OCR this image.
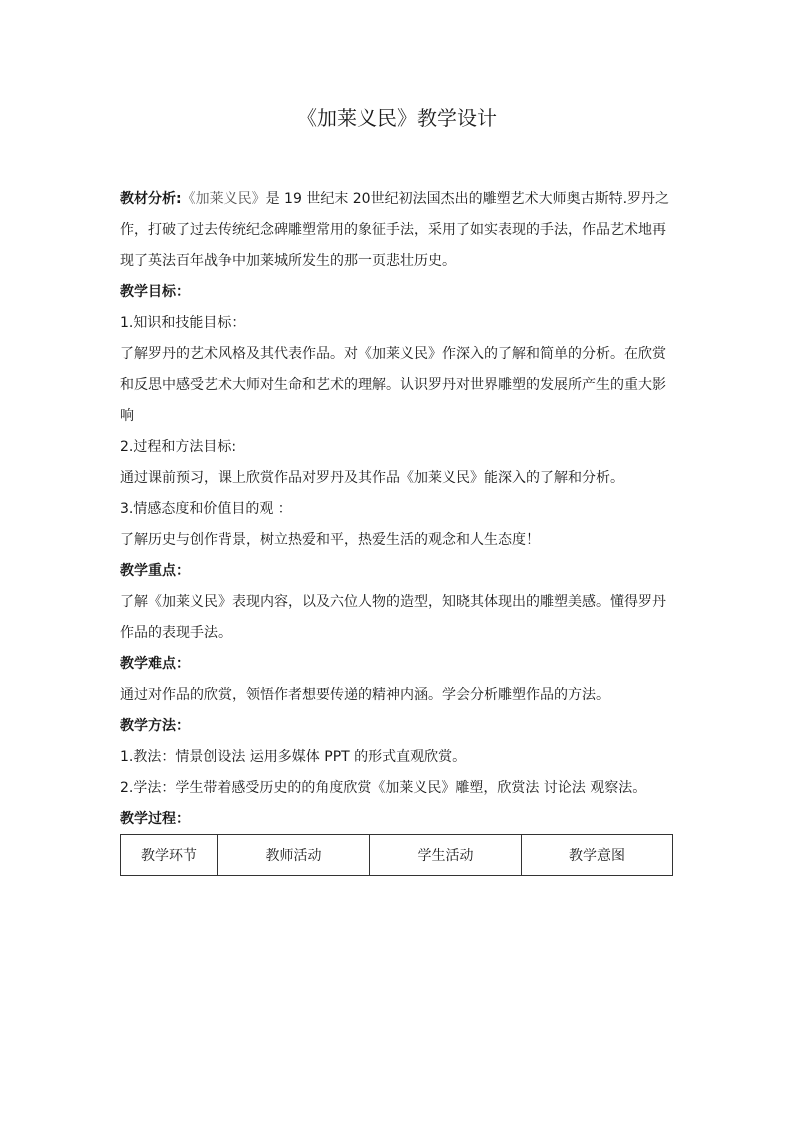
《加莱义民》教学设计
教材分析:《加莱义民》是 19 世纪末 20世纪初法国杰出的雕塑艺术大师奥古斯特.罗丹之
作，打破了过去传统纪念碑雕塑常用的象征手法，采用了如实表现的手法，作品艺术地再
现了英法百年战争中加莱城所发生的那一页悲壮历史。
教学目标：
1.知识和技能目标：
了解罗丹的艺术风格及其代表作品。对《加莱义民》作深入的了解和简单的分析。在欣赏
和反思中感受艺术大师对生命和艺术的理解。认识罗丹对世界雕塑的发展所产生的重大影
响
2.过程和方法目标:
通过课前预习，课上欣赏作品对罗丹及其作品《加莱义民》能深入的了解和分析。
3.情感态度和价值目的观 ：
了解历史与创作背景，树立热爱和平，热爱生活的观念和人生态度！
教学重点：
了解《加莱义民》表现内容，以及六位人物的造型，知晓其体现出的雕塑美感。懂得罗丹
作品的表现手法。
教学难点：
通过对作品的欣赏，领悟作者想要传递的精神内涵。学会分析雕塑作品的方法。
教学方法：
1.教法：情景创设法 运用多媒体 PPT 的形式直观欣赏。
2.学法：学生带着感受历史的的角度欣赏《加莱义民》雕塑，欣赏法 讨论法 观察法。
教学过程：
教学环节	教师活动	学生活动	教学意图
